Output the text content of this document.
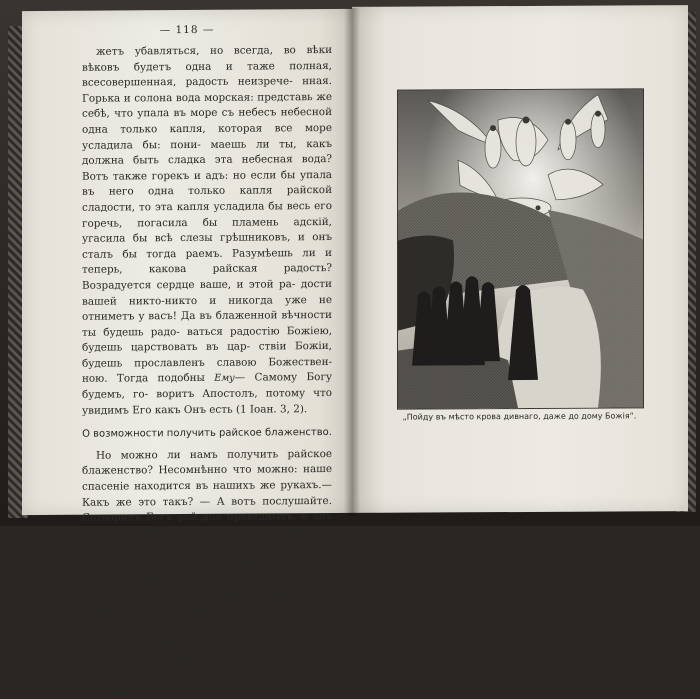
— 118 —

жетъ убавляться, но всегда, во вѣки вѣковъ будетъ одна и таже полная, всесовершенная, радость неизрече- нная. Горька и солона вода морская: представь же себѣ, что упала въ море съ небесъ небесной одна только капля, которая все море усладила бы: пони- маешь ли ты, какъ должна быть сладка эта небесная вода? Вотъ также горекъ и адъ: но если бы упала въ него одна только капля райской сладости, то эта капля усладила бы весь его горечь, погасила бы пламень адскій, угасила бы всѣ слезы грѣшниковъ, и онъ сталъ бы тогда раемъ. Разумѣешь ли и теперь, какова	райская радость? Возрадуется сердце ваше, и этой ра- дости вашей никто-никто и никогда уже не отниметъ у васъ! Да въ блаженной вѣчности ты будешь радо- ваться радостію Божіею, будешь царствовать въ цар- ствіи Божіи, будешь прославленъ славою Божествен- ною. Тогда подобны Ему— Самому Богу будемъ, го- воритъ Апостолъ, потому что увидимъ Его какъ Онъ есть (1 Іоан. 3, 2).

О возможности получить райское блаженство.

Но можно ли намъ получить райское блаженство? Несомнѣнно что можно: наше спасеніе находится въ нашихъ же рукахъ.— Какъ же это такъ? — А вотъ послушайте. Сотворилъ Богъ рай для праведныхъ, а адъ для грѣшныхъ. Заперъ онъ рай, заперъ и адъ. Но одно же ключи адскіе удержалъ у Себя: имамъ ключи ада и смерти, говоритъ Самъ Онъ въ Откровеніи Апостолу Іоанну. А ключи райскіе Онъ отдалъ Апостоламъ, въ лицѣ Апостола Петра: и дамъ тебѣ ключи Царствія небеснаго. Стало быть ключи отъ ада находятся въ рукахъ Бо- жіихъ, а отъ рая въ рукахъ человѣческихъ. Какъ же человѣколюбивъ промыслъ Спасителя нашего! Онъ каждаго

„Пойду въ мѣсто крова дивнаго, даже до дому Божія“.
